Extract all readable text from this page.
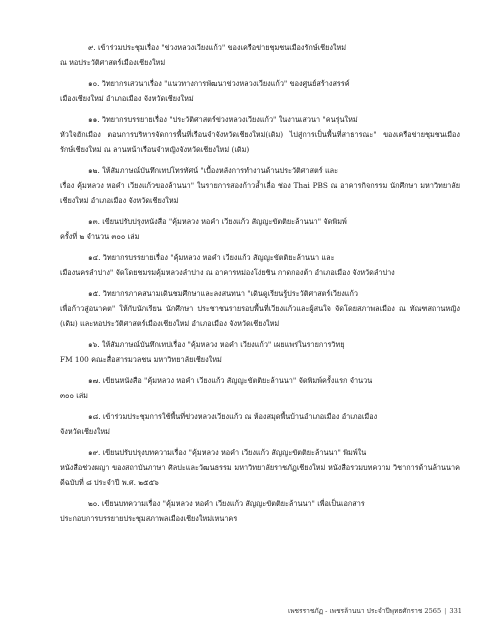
๙. เข้าร่วมประชุมเรื่อง "ข่วงหลวงเวียงแก้ว" ของเครือข่ายชุมชนเมืองรักษ์เชียงใหม่
ณ หอประวัติศาสตร์เมืองเชียงใหม่
๑๐. วิทยากรเสวนาเรื่อง "แนวทางการพัฒนาข่วงหลวงเวียงแก้ว" ของศูนย์สร้างสรรค์
เมืองเชียงใหม่ อำเภอเมือง จังหวัดเชียงใหม่
๑๑. วิทยากรบรรยายเรื่อง "ประวัติศาสตร์ข่วงหลวงเวียงแก้ว" ในงานเสวนา "คนรุ่นใหม่
หัวใจฮักเมือง ตอนการบริหารจัดการพื้นที่เรือนจำจังหวัดเชียงใหม่(เดิม) ไปสู่การเป็นพื้นที่สาธารณะ" ของเครือข่ายชุมชนเมืองรักษ์เชียงใหม่ ณ ลานหน้าเรือนจำหญิงจังหวัดเชียงใหม่ (เดิม)
๑๒. ให้สัมภาษณ์บันทึกเทปโทรทัศน์ "เบื้องหลังการทำงานด้านประวัติศาสตร์ และ
เรื่อง คุ้มหลวง หอคำ เวียงแก้วของล้านนา" ในรายการสองก้าวล้ำเลื่อ ช่อง Thai PBS ณ อาคารกิจกรรม นักศึกษา มหาวิทยาลัยเชียงใหม่ อำเภอเมือง จังหวัดเชียงใหม่
๑๓. เขียนปรับปรุงหนังสือ "คุ้มหลวง หอคำ เวียงแก้ว สัญญะขัตติยะล้านนา" จัดพิมพ์
ครั้งที่ ๒ จำนวน ๓๐๐ เล่ม
๑๔. วิทยากรบรรยายเรื่อง "คุ้มหลวง หอคำ เวียงแก้ว สัญญะขัตติยะล้านนา และ
เมืองนครลำปาง" จัดโดยชมรมคุ้มหลวงลำปาง ณ อาคารหม่องโง่ยซิน กาดกองต้า อำเภอเมือง จังหวัดลำปาง
๑๕. วิทยากรภาคสนามเดินชมศึกษาและลงสนทนา "เดินดูเรียนรู้ประวัติศาสตร์เวียงแก้ว
เพื่อก้าวสู่อนาคต" ให้กับนักเรียน นักศึกษา ประชาชนรายรอบพื้นที่เวียงแก้วและผู้สนใจ จัดโดยสภาพลเมือง ณ ทัณฑสถานหญิง (เดิม) และหอประวัติศาสตร์เมืองเชียงใหม่ อำเภอเมือง จังหวัดเชียงใหม่
๑๖. ให้สัมภาษณ์บันทึกเทปเรื่อง "คุ้มหลวง หอคำ เวียงแก้ว" เผยแพร่ในรายการวิทยุ
FM 100 คณะสื่อสารมวลชน มหาวิทยาลัยเชียงใหม่
๑๗. เขียนหนังสือ "คุ้มหลวง หอคำ เวียงแก้ว สัญญะขัตติยะล้านนา" จัดพิมพ์ครั้งแรก จำนวน
๓๐๐ เล่ม
๑๘. เข้าร่วมประชุมการใช้พื้นที่ข่วงหลวงเวียงแก้ว ณ ห้องสมุดพื้นบ้านอำเภอเมือง อำเภอเมือง
จังหวัดเชียงใหม่
๑๙. เขียนปรับปรุงบทความเรื่อง "คุ้มหลวง หอคำ เวียงแก้ว สัญญะขัตติยะล้านนา" พิมพ์ใน
หนังสือช่วงผญา ของสถาบันภาษา ศิลปะและวัฒนธรรม มหาวิทยาลัยราชภัฏเชียงใหม่ หนังสือรวมบทความ วิชาการด้านล้านนาคดีฉบับที่ ๘ ประจำปี พ.ศ. ๒๕๕๖
๒๐. เขียนบทความเรื่อง "คุ้มหลวง หอคำ เวียงแก้ว สัญญะขัตติยะล้านนา" เพื่อเป็นเอกสาร
ประกอบการบรรยายประชุมสภาพลเมืองเชียงใหม่เหนาคร
เพชรราชภัฏ - เพชรล้านนา ประจำปีพุทธศักราช 2565 | 331
